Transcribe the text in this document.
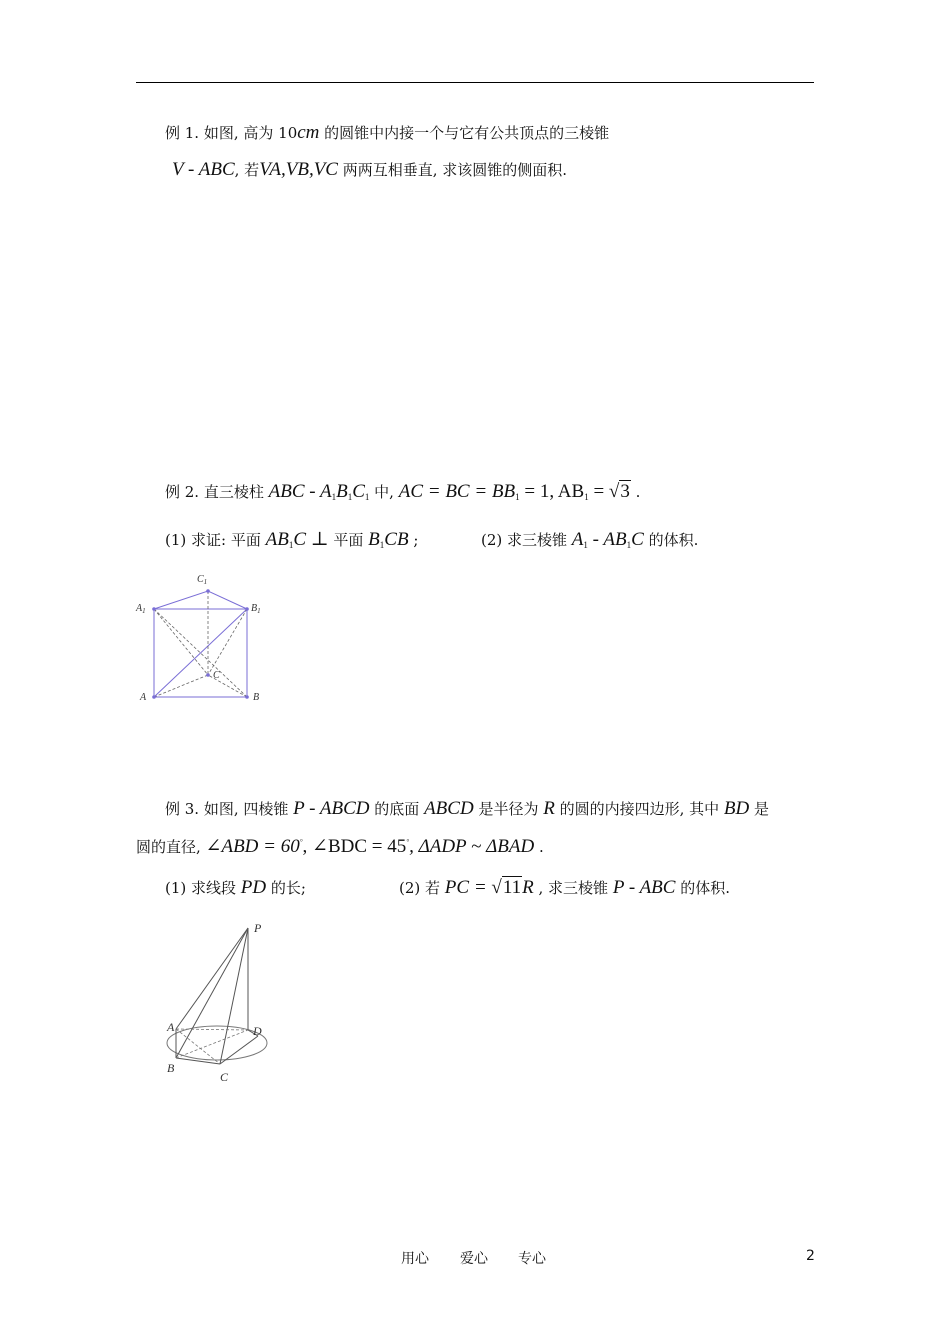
例 1. 如图, 高为 10cm 的圆锥中内接一个与它有公共顶点的三棱锥
V - ABC, 若VA,VB,VC 两两互相垂直, 求该圆锥的侧面积.
例 2. 直三棱柱 ABC - $A_1B_1C_1$ 中, AC = BC = $BB_1 = 1$, $AB_1 = √3$ .
(1) 求证: 平面 $AB_1C$ ⊥ 平面 $B_1CB$ ;	(2) 求三棱锥 $A_1 - AB_1C$ 的体积.
$C_1$
$A_1$	$B_1$
C
A	B
例 3. 如图, 四棱锥 P - ABCD 的底面 ABCD 是半径为 R 的圆的内接四边形, 其中 BD 是
圆的直径, ∠ABD = 60°, ∠BDC = 45°, ΔADP ~ ΔBAD .
(1) 求线段 PD 的长;	(2) 若 PC = √11R , 求三棱锥 P - ABC 的体积.
P
A	D
B
C
用心 爱心 专心	2
